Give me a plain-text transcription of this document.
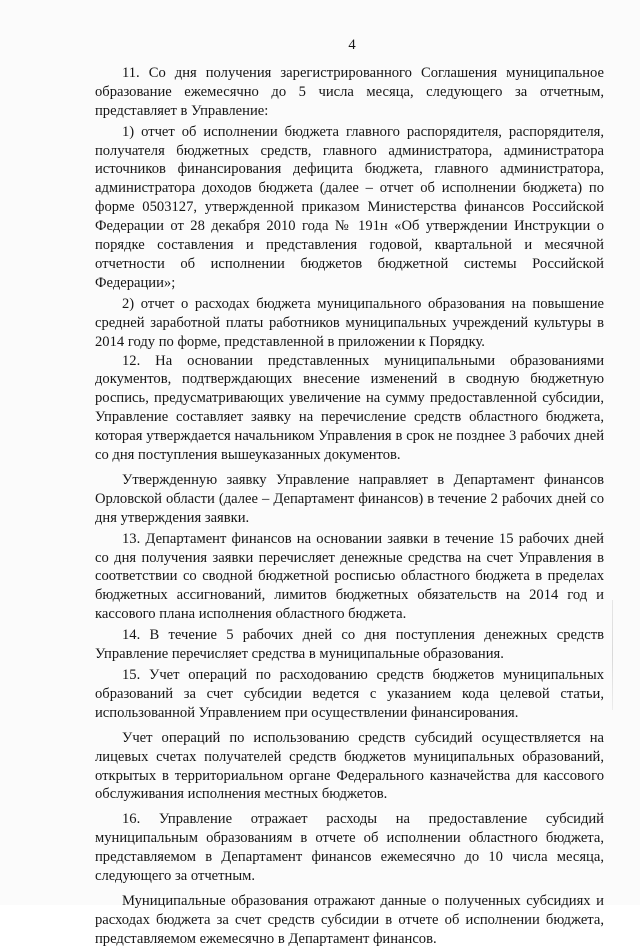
4

11. Со дня получения зарегистрированного Соглашения муниципальное образование ежемесячно до 5 числа месяца, следующего за отчетным, представляет в Управление:

1) отчет об исполнении бюджета главного распорядителя, распорядителя, получателя бюджетных средств, главного администратора, администратора источников финансирования дефицита бюджета, главного администратора, администратора доходов бюджета (далее – отчет об исполнении бюджета) по форме 0503127, утвержденной приказом Министерства финансов Российской Федерации от 28 декабря 2010 года № 191н «Об утверждении Инструкции о порядке составления и представления годовой, квартальной и месячной отчетности об исполнении бюджетов бюджетной системы Российской Федерации»;

2) отчет о расходах бюджета муниципального образования на повышение средней заработной платы работников муниципальных учреждений культуры в 2014 году по форме, представленной в приложении к Порядку.

12. На основании представленных муниципальными образованиями документов, подтверждающих внесение изменений в сводную бюджетную роспись, предусматривающих увеличение на сумму предоставленной субсидии, Управление составляет заявку на перечисление средств областного бюджета, которая утверждается начальником Управления в срок не позднее 3 рабочих дней со дня поступления вышеуказанных документов.

Утвержденную заявку Управление направляет в Департамент финансов Орловской области (далее – Департамент финансов) в течение 2 рабочих дней со дня утверждения заявки.

13. Департамент финансов на основании заявки в течение 15 рабочих дней со дня получения заявки перечисляет денежные средства на счет Управления в соответствии со сводной бюджетной росписью областного бюджета в пределах бюджетных ассигнований, лимитов бюджетных обязательств на 2014 год и кассового плана исполнения областного бюджета.

14. В течение 5 рабочих дней со дня поступления денежных средств Управление перечисляет средства в муниципальные образования.

15. Учет операций по расходованию средств бюджетов муниципальных образований за счет субсидии ведется с указанием кода целевой статьи, использованной Управлением при осуществлении финансирования.

Учет операций по использованию средств субсидий осуществляется на лицевых счетах получателей средств бюджетов муниципальных образований, открытых в территориальном органе Федерального казначейства для кассового обслуживания исполнения местных бюджетов.

16. Управление отражает расходы на предоставление субсидий муниципальным образованиям в отчете об исполнении областного бюджета, представляемом в Департамент финансов ежемесячно до 10 числа месяца, следующего за отчетным.

Муниципальные образования отражают данные о полученных субсидиях и расходах бюджета за счет средств субсидии в отчете об исполнении бюджета, представляемом ежемесячно в Департамент финансов.
